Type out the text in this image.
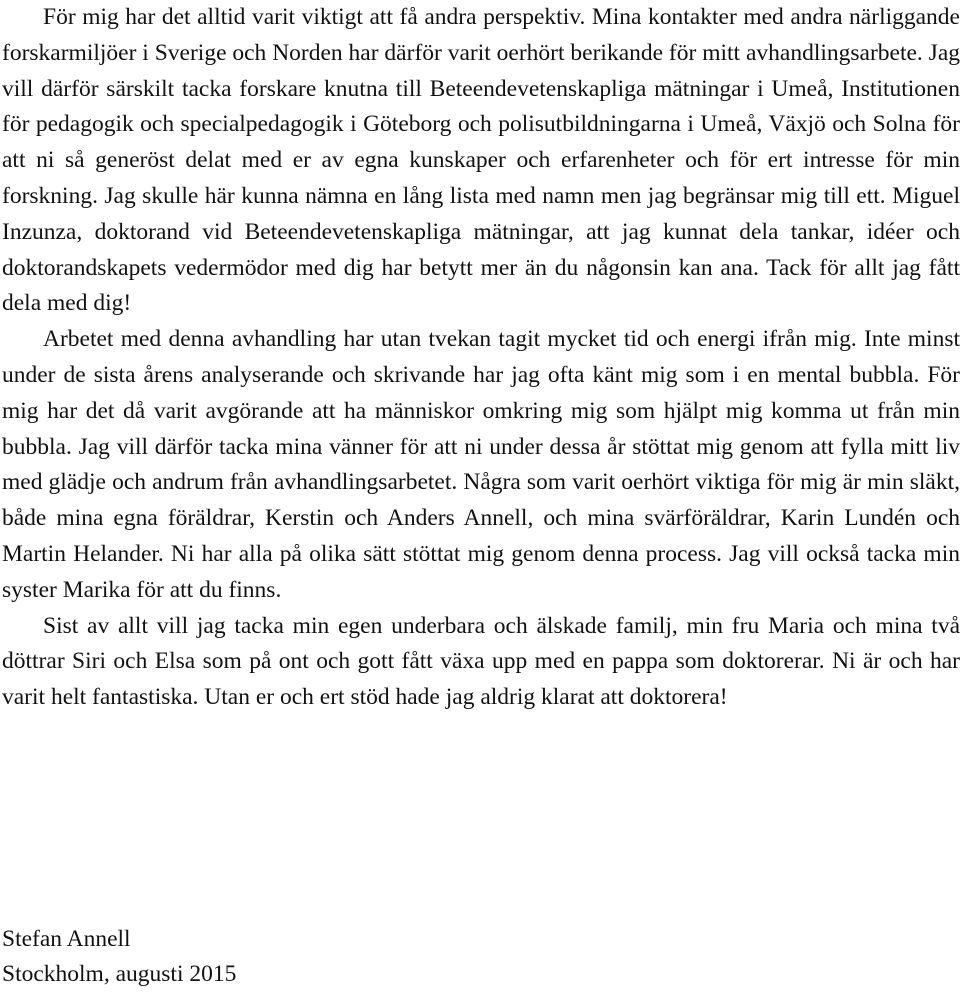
För mig har det alltid varit viktigt att få andra perspektiv. Mina kontakter med andra närliggande forskarmiljöer i Sverige och Norden har därför varit oerhört berikande för mitt avhandlingsarbete. Jag vill därför särskilt tacka forskare knutna till Beteendevetenskapliga mätningar i Umeå, Institutionen för pedagogik och specialpedagogik i Göteborg och polisutbildningarna i Umeå, Växjö och Solna för att ni så generöst delat med er av egna kunskaper och erfarenheter och för ert intresse för min forskning. Jag skulle här kunna nämna en lång lista med namn men jag begränsar mig till ett. Miguel Inzunza, doktorand vid Beteendevetenskapliga mätningar, att jag kunnat dela tankar, idéer och doktorandskapets vedermödor med dig har betytt mer än du någonsin kan ana. Tack för allt jag fått dela med dig!

Arbetet med denna avhandling har utan tvekan tagit mycket tid och energi ifrån mig. Inte minst under de sista årens analyserande och skrivande har jag ofta känt mig som i en mental bubbla. För mig har det då varit avgörande att ha människor omkring mig som hjälpt mig komma ut från min bubbla. Jag vill därför tacka mina vänner för att ni under dessa år stöttat mig genom att fylla mitt liv med glädje och andrum från avhandlingsarbetet. Några som varit oerhört viktiga för mig är min släkt, både mina egna föräldrar, Kerstin och Anders Annell, och mina svärföräldrar, Karin Lundén och Martin Helander. Ni har alla på olika sätt stöttat mig genom denna process. Jag vill också tacka min syster Marika för att du finns.

Sist av allt vill jag tacka min egen underbara och älskade familj, min fru Maria och mina två döttrar Siri och Elsa som på ont och gott fått växa upp med en pappa som doktorerar. Ni är och har varit helt fantastiska. Utan er och ert stöd hade jag aldrig klarat att doktorera!

Stefan Annell
Stockholm, augusti 2015
